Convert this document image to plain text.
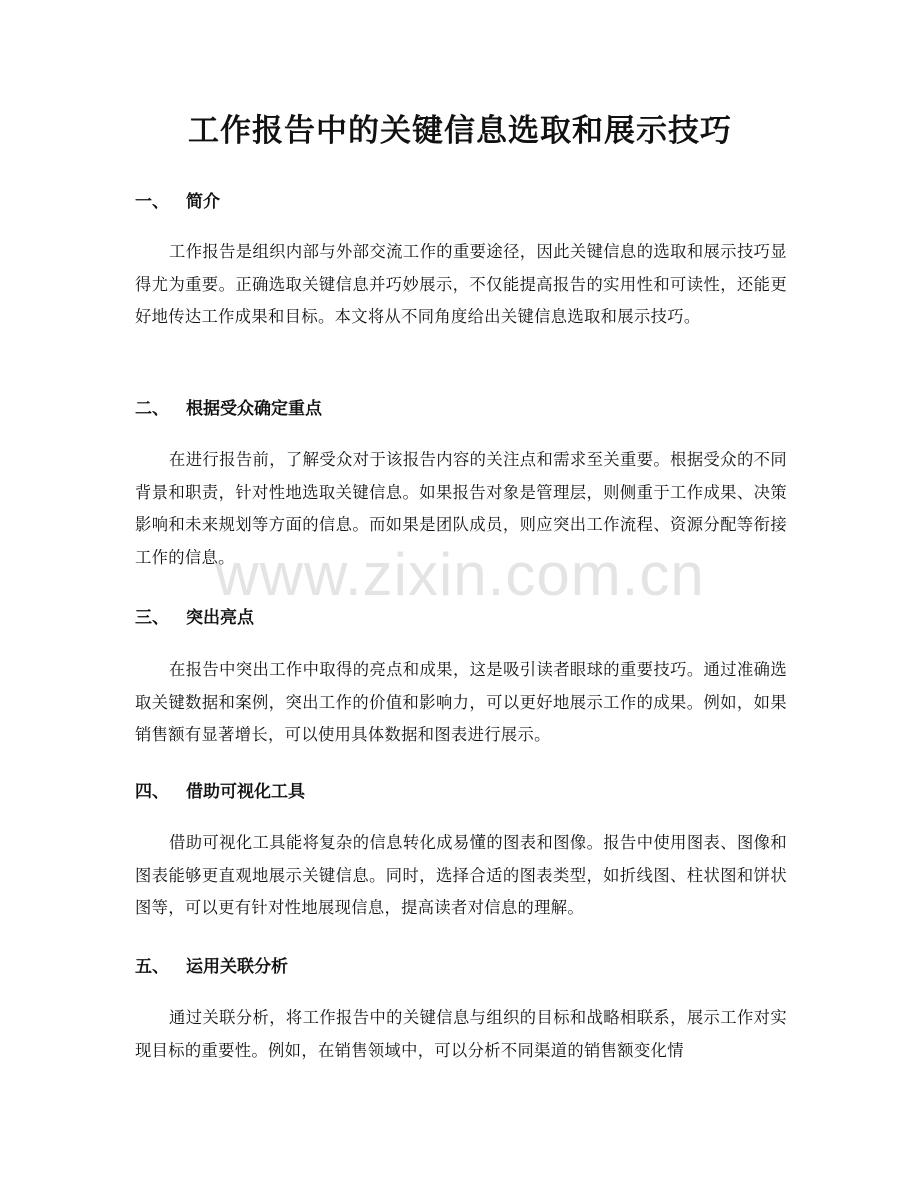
工作报告中的关键信息选取和展示技巧
一、 简介

工作报告是组织内部与外部交流工作的重要途径，因此关键信息的选取和展示技巧显得尤为重要。正确选取关键信息并巧妙展示，不仅能提高报告的实用性和可读性，还能更好地传达工作成果和目标。本文将从不同角度给出关键信息选取和展示技巧。

二、 根据受众确定重点

在进行报告前，了解受众对于该报告内容的关注点和需求至关重要。根据受众的不同背景和职责，针对性地选取关键信息。如果报告对象是管理层，则侧重于工作成果、决策影响和未来规划等方面的信息。而如果是团队成员，则应突出工作流程、资源分配等衔接工作的信息。

三、 突出亮点

在报告中突出工作中取得的亮点和成果，这是吸引读者眼球的重要技巧。通过准确选取关键数据和案例，突出工作的价值和影响力，可以更好地展示工作的成果。例如，如果销售额有显著增长，可以使用具体数据和图表进行展示。

四、 借助可视化工具

借助可视化工具能将复杂的信息转化成易懂的图表和图像。报告中使用图表、图像和图表能够更直观地展示关键信息。同时，选择合适的图表类型，如折线图、柱状图和饼状图等，可以更有针对性地展现信息，提高读者对信息的理解。

五、 运用关联分析

通过关联分析，将工作报告中的关键信息与组织的目标和战略相联系，展示工作对实现目标的重要性。例如，在销售领域中，可以分析不同渠道的销售额变化情

www.zixin.com.cn
